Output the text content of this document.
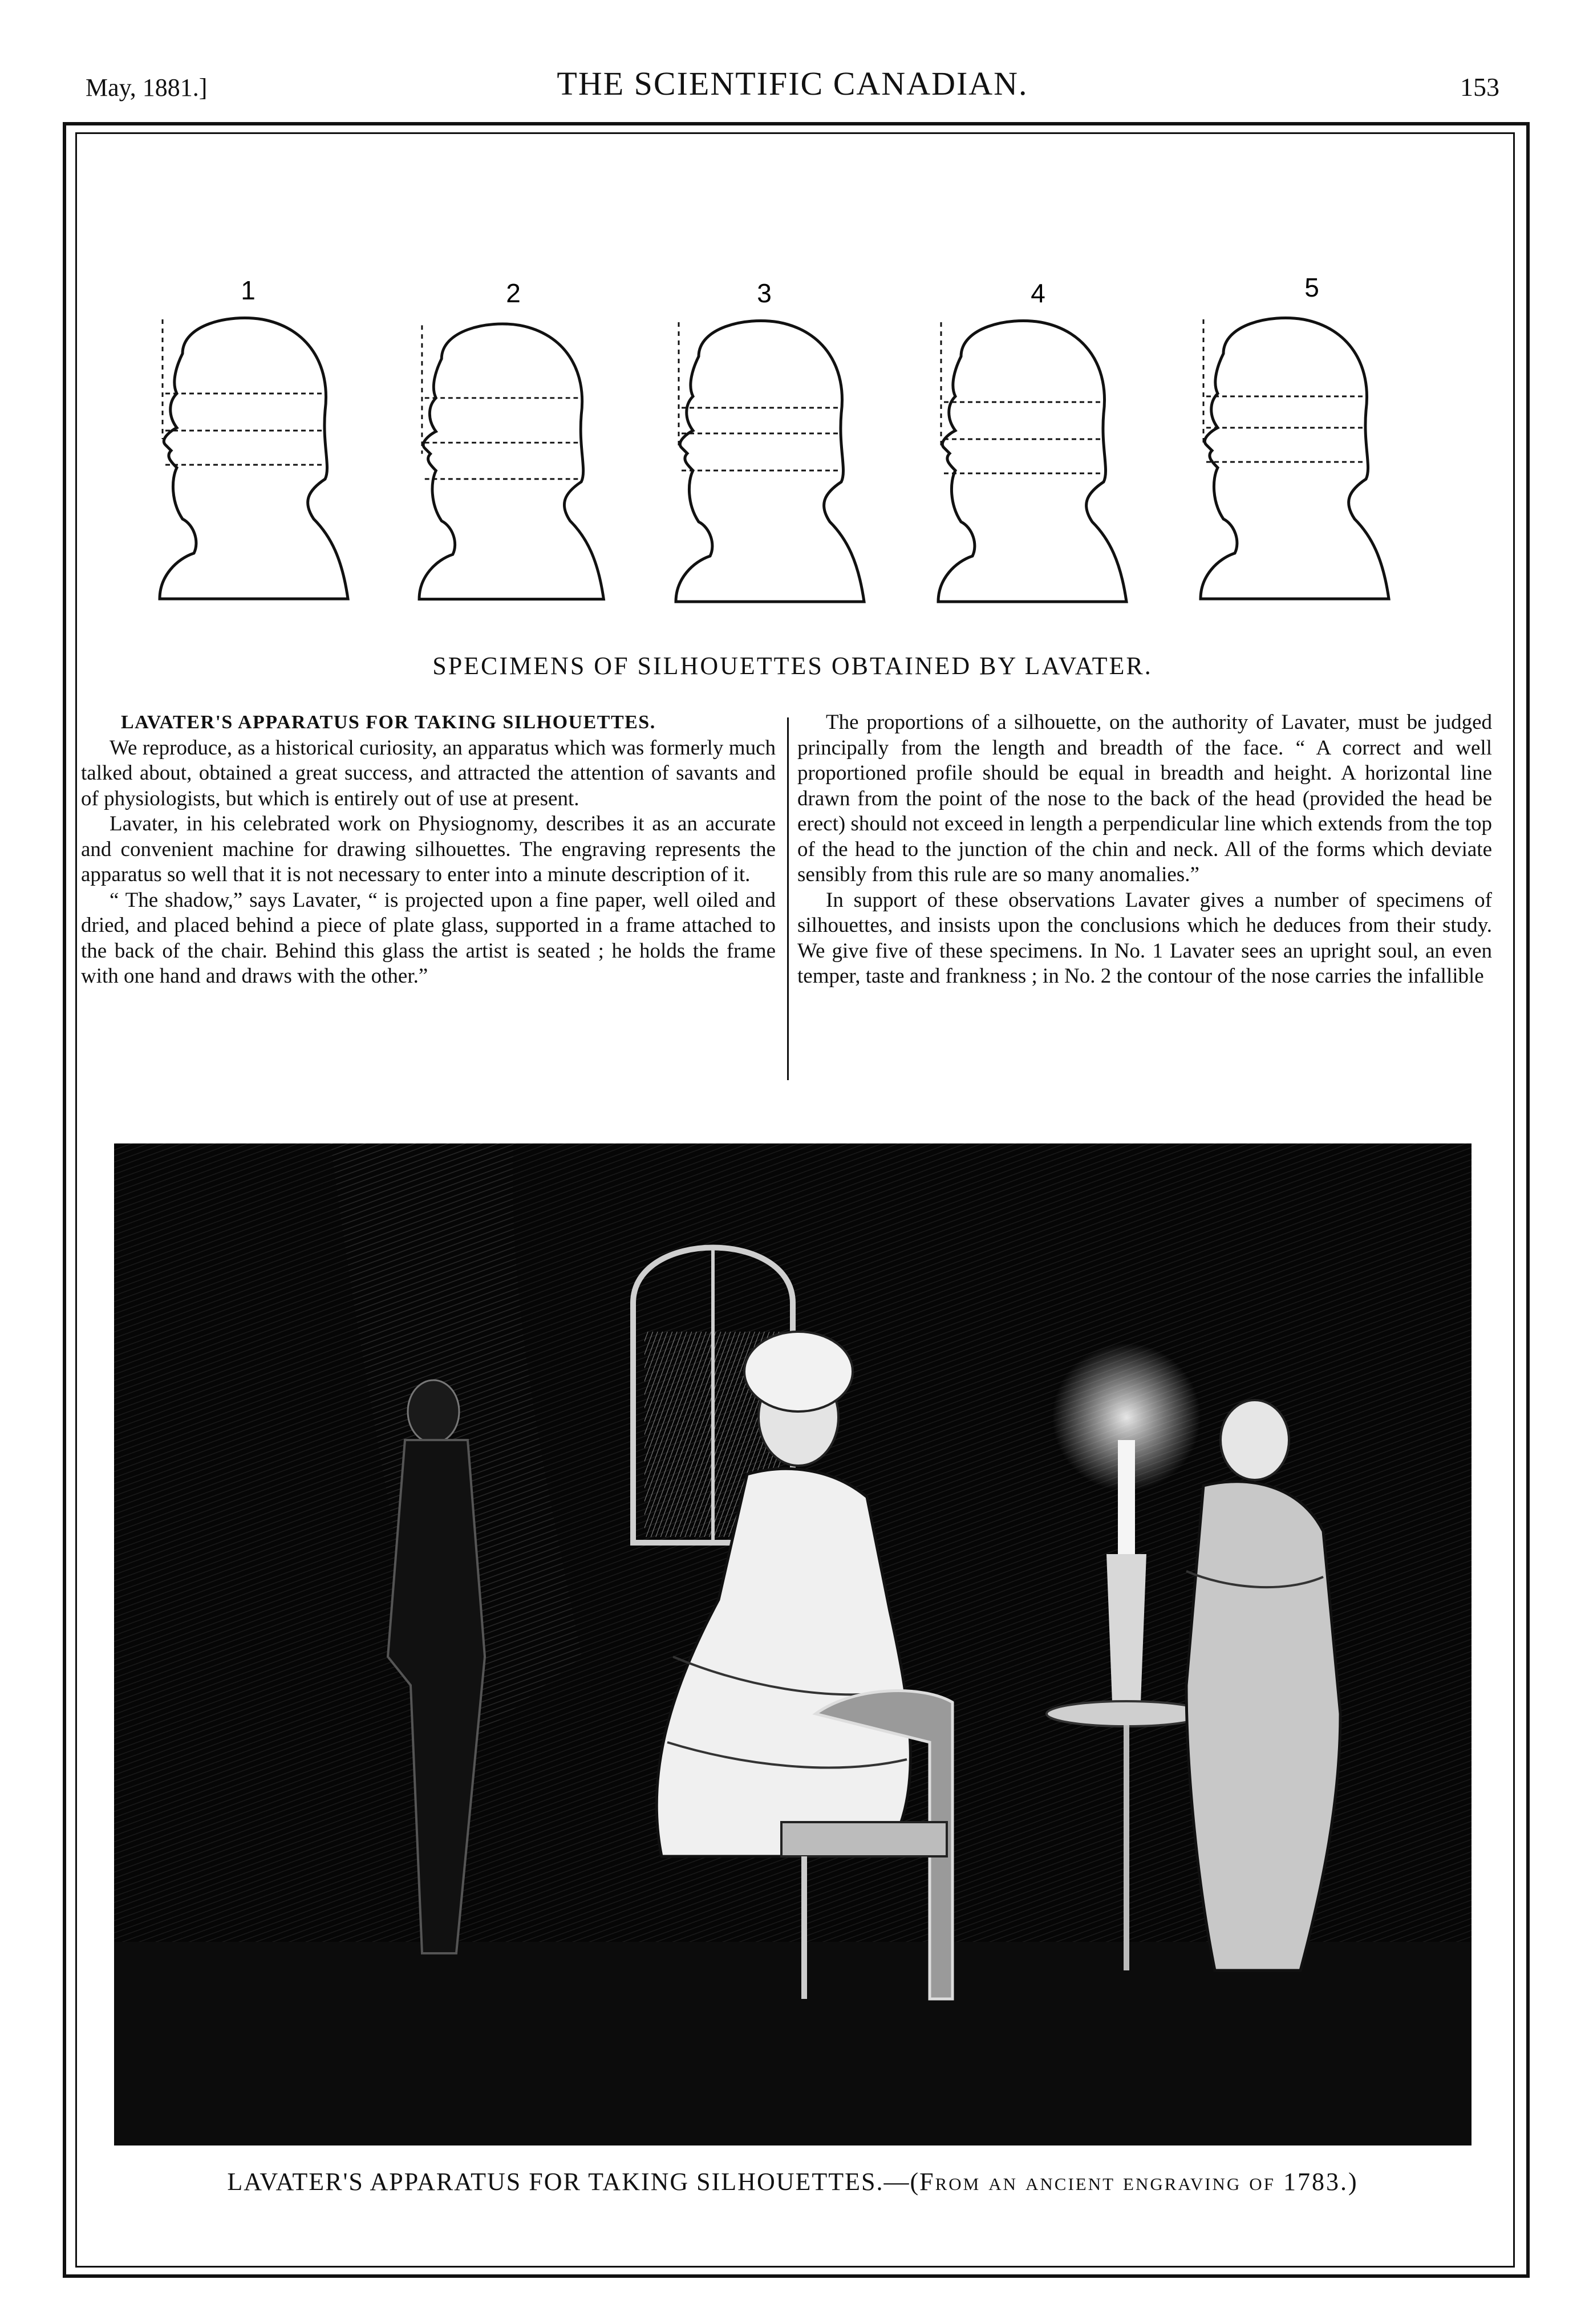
May, 1881.]	THE SCIENTIFIC CANADIAN.	153
1	2	3	4	5
SPECIMENS OF SILHOUETTES OBTAINED BY LAVATER.
LAVATER'S APPARATUS FOR TAKING SILHOUETTES.

We reproduce, as a historical curiosity, an apparatus which was formerly much talked about, obtained a great success, and attracted the attention of savants and of physiologists, but which is entirely out of use at present.

Lavater, in his celebrated work on Physiognomy, describes it as an accurate and convenient machine for drawing silhouettes. The engraving represents the apparatus so well that it is not necessary to enter into a minute description of it.

“ The shadow,” says Lavater, “ is projected upon a fine paper, well oiled and dried, and placed behind a piece of plate glass, supported in a frame attached to the back of the chair. Behind this glass the artist is seated ; he holds the frame with one hand and draws with the other.”

The proportions of a silhouette, on the authority of Lavater, must be judged principally from the length and breadth of the face. “ A correct and well proportioned profile should be equal in breadth and height. A horizontal line drawn from the point of the nose to the back of the head (provided the head be erect) should not exceed in length a perpendicular line which extends from the top of the head to the junction of the chin and neck. All of the forms which deviate sensibly from this rule are so many anomalies.”

In support of these observations Lavater gives a number of specimens of silhouettes, and insists upon the conclusions which he deduces from their study. We give five of these specimens. In No. 1 Lavater sees an upright soul, an even temper, taste and frankness ; in No. 2 the contour of the nose carries the infallible

LAVATER'S APPARATUS FOR TAKING SILHOUETTES.—(From an ancient engraving of 1783.)
